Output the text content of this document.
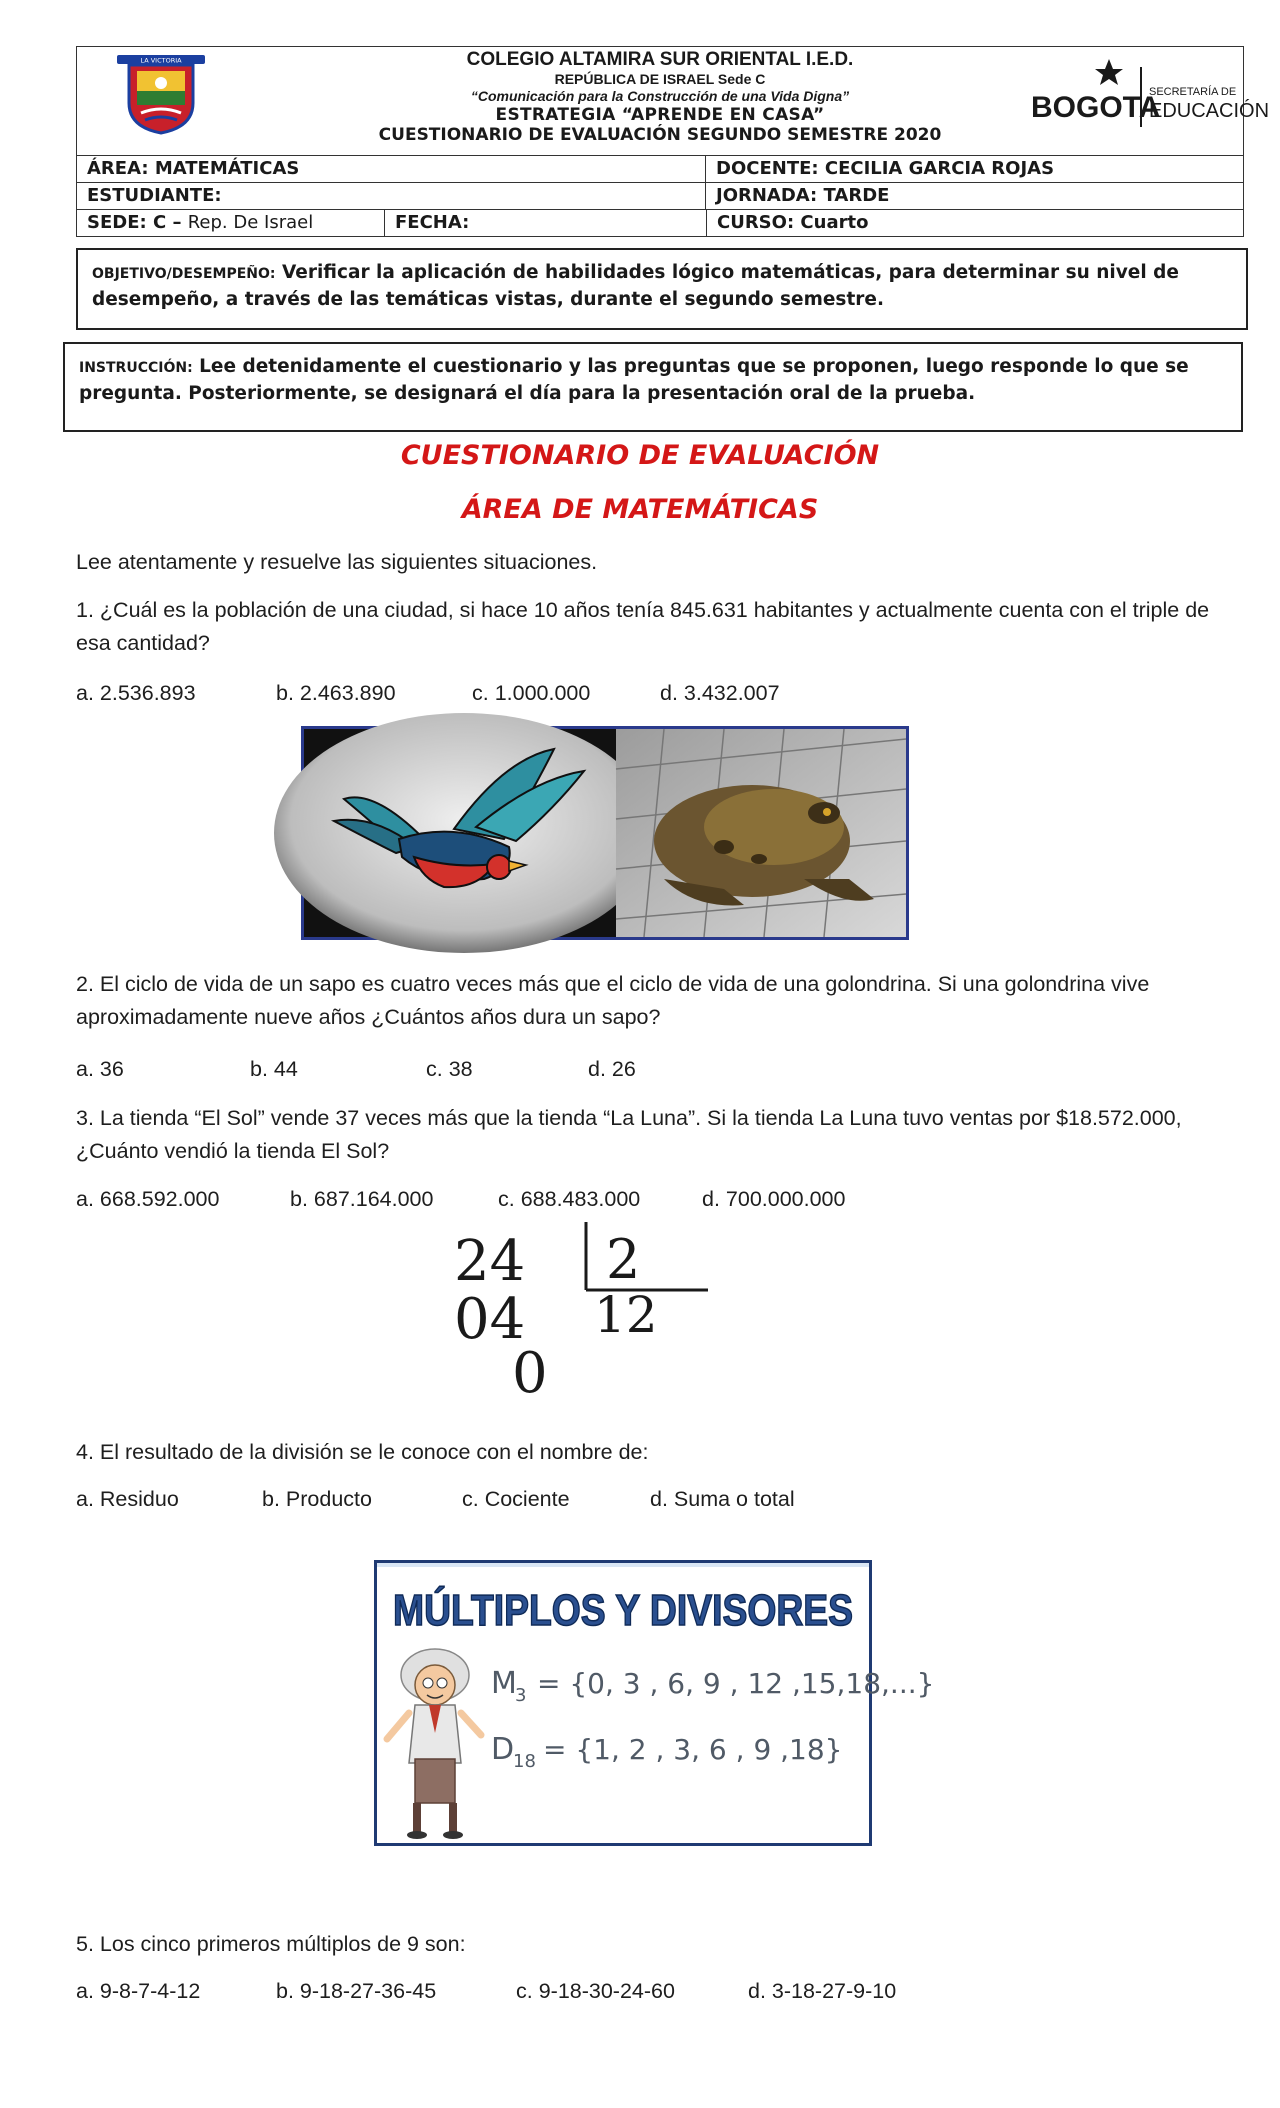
LA VICTORIA	COLEGIO ALTAMIRA SUR ORIENTAL I.E.D.
REPÚBLICA DE ISRAEL Sede C
“Comunicación para la Construcción de una Vida Digna”
ESTRATEGIA “APRENDE EN CASA”
CUESTIONARIO DE EVALUACIÓN SEGUNDO SEMESTRE 2020
BOGOTA
SECRETARÍA DE
EDUCACIÓN
ÁREA: MATEMÁTICAS	DOCENTE: CECILIA GARCIA ROJAS
ESTUDIANTE:	JORNADA: TARDE
SEDE: C – Rep. De Israel	FECHA:	CURSO: Cuarto
OBJETIVO/DESEMPEÑO: Verificar la aplicación de habilidades lógico matemáticas, para determinar su nivel de desempeño, a través de las temáticas vistas, durante el segundo semestre.
INSTRUCCIÓN: Lee detenidamente el cuestionario y las preguntas que se proponen, luego responde lo que se pregunta. Posteriormente, se designará el día para la presentación oral de la prueba.
CUESTIONARIO DE EVALUACIÓN
ÁREA DE MATEMÁTICAS
Lee atentamente y resuelve las siguientes situaciones.
1. ¿Cuál es la población de una ciudad, si hace 10 años tenía 845.631 habitantes y actualmente cuenta con el triple de esa cantidad?
a. 2.536.893	b. 2.463.890	c. 1.000.000	d. 3.432.007
2. El ciclo de vida de un sapo es cuatro veces más que el ciclo de vida de una golondrina. Si una golondrina vive aproximadamente nueve años ¿Cuántos años dura un sapo?
a. 36	b. 44	c. 38	d. 26
3. La tienda “El Sol” vende 37 veces más que la tienda “La Luna”. Si la tienda La Luna tuvo ventas por $18.572.000, ¿Cuánto vendió la tienda El Sol?
a. 668.592.000	b. 687.164.000	c. 688.483.000	d. 700.000.000
24 2
04 12
0
4. El resultado de la división se le conoce con el nombre de:
a. Residuo	b. Producto	c. Cociente	d. Suma o total
MÚLTIPLOS Y DIVISORES
M
3 = {0, 3 , 6, 9 , 12 ,15,18,...}
D
18 = {1, 2 , 3, 6 , 9 ,18}
5. Los cinco primeros múltiplos de 9 son:
a. 9-8-7-4-12	b. 9-18-27-36-45	c. 9-18-30-24-60	d. 3-18-27-9-10
